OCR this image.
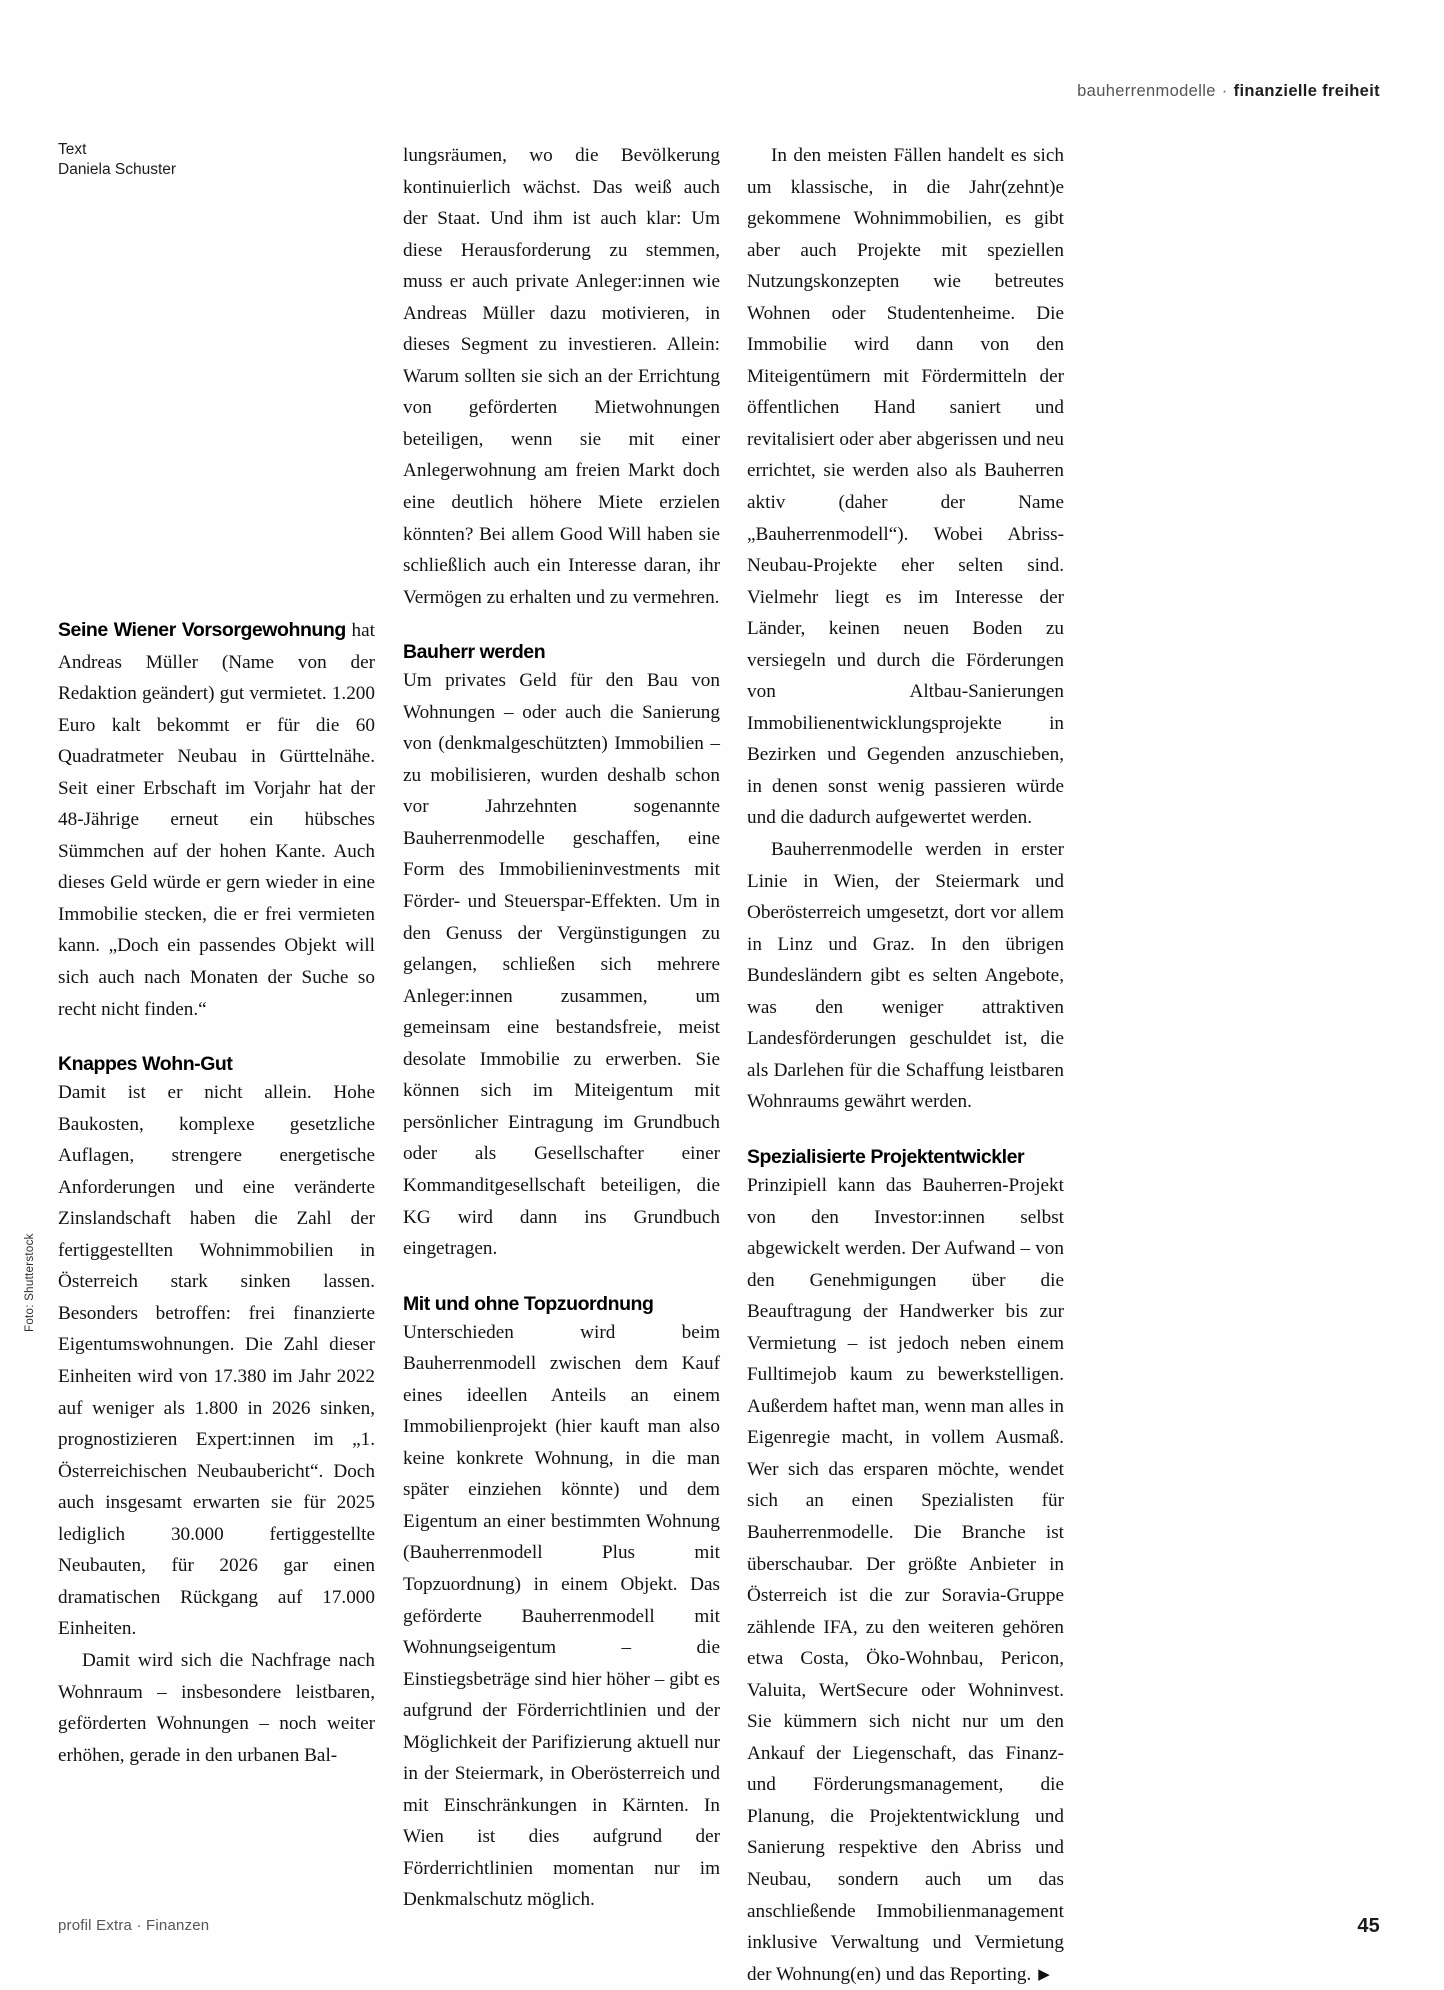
bauherrenmodelle · finanzielle freiheit
Text
Daniela Schuster
Foto: Shutterstock

Seine Wiener Vorsorgewohnung hat Andreas Müller (Name von der Redaktion geändert) gut vermietet. 1.200 Euro kalt bekommt er für die 60 Quadratmeter Neubau in Gürttelnähe. Seit einer Erbschaft im Vorjahr hat der 48-Jährige erneut ein hübsches Sümmchen auf der hohen Kante. Auch dieses Geld würde er gern wieder in eine Immobilie stecken, die er frei vermieten kann. „Doch ein passendes Objekt will sich auch nach Monaten der Suche so recht nicht finden.“

Knappes Wohn-Gut

Damit ist er nicht allein. Hohe Baukosten, komplexe gesetzliche Auflagen, strengere energetische Anforderungen und eine veränderte Zinslandschaft haben die Zahl der fertiggestellten Wohnimmobilien in Österreich stark sinken lassen. Besonders betroffen: frei finanzierte Eigentumswohnungen. Die Zahl dieser Einheiten wird von 17.380 im Jahr 2022 auf weniger als 1.800 in 2026 sinken, prognostizieren Expert:innen im „1. Österreichischen Neubaubericht“. Doch auch insgesamt erwarten sie für 2025 lediglich 30.000 fertiggestellte Neubauten, für 2026 gar einen dramatischen Rückgang auf 17.000 Einheiten.

Damit wird sich die Nachfrage nach Wohnraum – insbesondere leistbaren, geförderten Wohnungen – noch weiter erhöhen, gerade in den urbanen Bal-

lungsräumen, wo die Bevölkerung kontinuierlich wächst. Das weiß auch der Staat. Und ihm ist auch klar: Um diese Herausforderung zu stemmen, muss er auch private Anleger:innen wie Andreas Müller dazu motivieren, in dieses Segment zu investieren. Allein: Warum sollten sie sich an der Errichtung von geförderten Mietwohnungen beteiligen, wenn sie mit einer Anlegerwohnung am freien Markt doch eine deutlich höhere Miete erzielen könnten? Bei allem Good Will haben sie schließlich auch ein Interesse daran, ihr Vermögen zu erhalten und zu vermehren.

Bauherr werden

Um privates Geld für den Bau von Wohnungen – oder auch die Sanierung von (denkmalgeschützten) Immobilien – zu mobilisieren, wurden deshalb schon vor Jahrzehnten sogenannte Bauherrenmodelle geschaffen, eine Form des Immobilieninvestments mit Förder- und Steuerspar-Effekten. Um in den Genuss der Vergünstigungen zu gelangen, schließen sich mehrere Anleger:innen zusammen, um gemeinsam eine bestandsfreie, meist desolate Immobilie zu erwerben. Sie können sich im Miteigentum mit persönlicher Eintragung im Grundbuch oder als Gesellschafter einer Kommanditgesellschaft beteiligen, die KG wird dann ins Grundbuch eingetragen.

Mit und ohne Topzuordnung

Unterschieden wird beim Bauherrenmodell zwischen dem Kauf eines ideellen Anteils an einem Immobilienprojekt (hier kauft man also keine konkrete Wohnung, in die man später einziehen könnte) und dem Eigentum an einer bestimmten Wohnung (Bauherrenmodell Plus mit Topzuordnung) in einem Objekt. Das geförderte Bauherrenmodell mit Wohnungseigentum – die Einstiegsbeträge sind hier höher – gibt es aufgrund der Förderrichtlinien und der Möglichkeit der Parifizierung aktuell nur in der Steiermark, in Oberösterreich und mit Einschränkungen in Kärnten. In Wien ist dies aufgrund der Förderrichtlinien momentan nur im Denkmalschutz möglich.

In den meisten Fällen handelt es sich um klassische, in die Jahr(zehnt)e gekommene Wohnimmobilien, es gibt aber auch Projekte mit speziellen Nutzungskonzepten wie betreutes Wohnen oder Studentenheime. Die Immobilie wird dann von den Miteigentümern mit Fördermitteln der öffentlichen Hand saniert und revitalisiert oder aber abgerissen und neu errichtet, sie werden also als Bauherren aktiv (daher der Name „Bauherrenmodell“). Wobei Abriss-Neubau-Projekte eher selten sind. Vielmehr liegt es im Interesse der Länder, keinen neuen Boden zu versiegeln und durch die Förderungen von Altbau-Sanierungen Immobilienentwicklungsprojekte in Bezirken und Gegenden anzuschieben, in denen sonst wenig passieren würde und die dadurch aufgewertet werden.

Bauherrenmodelle werden in erster Linie in Wien, der Steiermark und Oberösterreich umgesetzt, dort vor allem in Linz und Graz. In den übrigen Bundesländern gibt es selten Angebote, was den weniger attraktiven Landesförderungen geschuldet ist, die als Darlehen für die Schaffung leistbaren Wohnraums gewährt werden.

Spezialisierte Projektentwickler

Prinzipiell kann das Bauherren-Projekt von den Investor:innen selbst abgewickelt werden. Der Aufwand – von den Genehmigungen über die Beauftragung der Handwerker bis zur Vermietung – ist jedoch neben einem Fulltimejob kaum zu bewerkstelligen. Außerdem haftet man, wenn man alles in Eigenregie macht, in vollem Ausmaß. Wer sich das ersparen möchte, wendet sich an einen Spezialisten für Bauherrenmodelle. Die Branche ist überschaubar. Der größte Anbieter in Österreich ist die zur Soravia-Gruppe zählende IFA, zu den weiteren gehören etwa Costa, Öko-Wohnbau, Pericon, Valuita, WertSecure oder Wohninvest. Sie kümmern sich nicht nur um den Ankauf der Liegenschaft, das Finanz- und Förderungsmanagement, die Planung, die Projektentwicklung und Sanierung respektive den Abriss und Neubau, sondern auch um das anschließende Immobilienmanagement inklusive Verwaltung und Vermietung der Wohnung(en) und das Reporting. ▶

profil Extra · Finanzen	45
